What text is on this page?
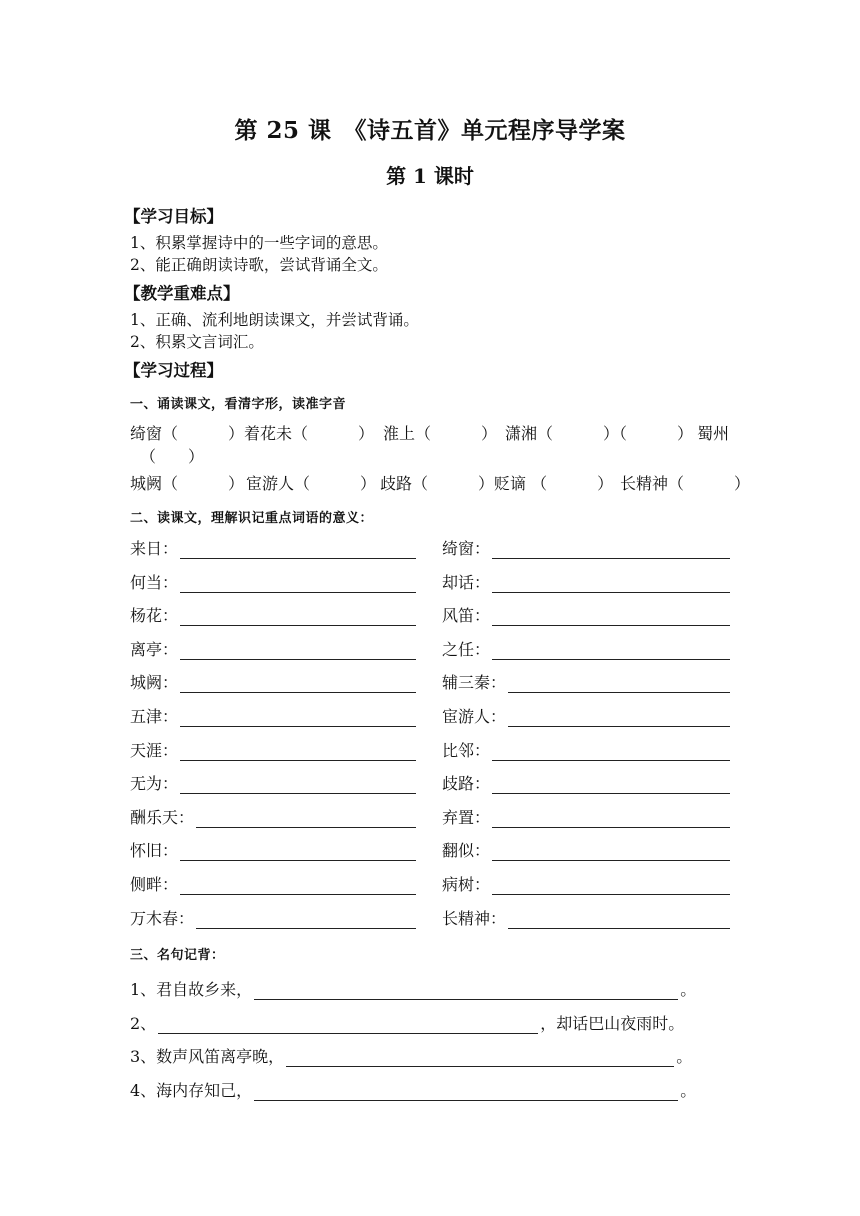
第 25 课　《诗五首》单元程序导学案
第 1 课时
【学习目标】
1、积累掌握诗中的一些字词的意思。
2、能正确朗读诗歌，尝试背诵全文。
【教学重难点】
1、正确、流利地朗读课文，并尝试背诵。
2、积累文言词汇。
【学习过程】
一、诵读课文，看清字形，读准字音
绮窗（	） 着花未（	） 淮上（	） 潇湘（	）（	） 蜀州
（　　）
城阙（	） 宦游人（	） 歧路（	） 贬谪 （	） 长精神（	）
二、读课文，理解识记重点词语的意义：
来日：	绮窗：
何当：	却话：
杨花：	风笛：
离亭：	之任：
城阙：	辅三秦：
五津：	宦游人：
天涯：	比邻：
无为：	歧路：
酬乐天：	弃置：
怀旧：	翻似：
侧畔：	病树：
万木春：	长精神：
三、名句记背：
1、君自故乡来，	。
2、	，却话巴山夜雨时。
3、数声风笛离亭晚，	。
4、海内存知己，	。
